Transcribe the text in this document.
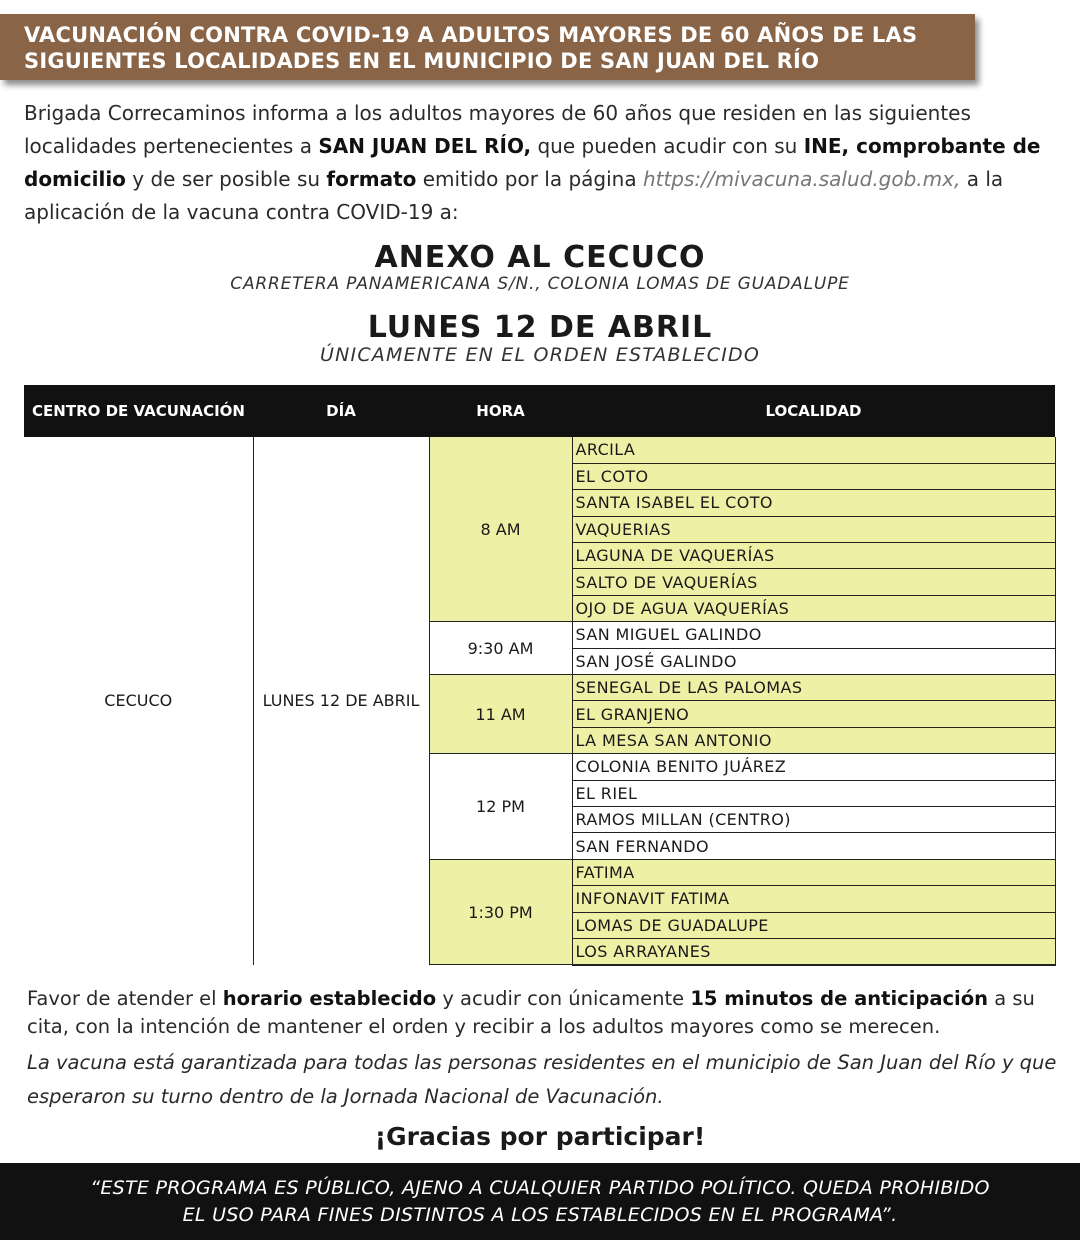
VACUNACIÓN CONTRA COVID-19 A ADULTOS MAYORES DE 60 AÑOS DE LAS
SIGUIENTES LOCALIDADES EN EL MUNICIPIO DE SAN JUAN DEL RÍO

Brigada Correcaminos informa a los adultos mayores de 60 años que residen en las siguientes localidades pertenecientes a SAN JUAN DEL RÍO, que pueden acudir con su INE, comprobante de domicilio y de ser posible su formato emitido por la página https://mivacuna.salud.gob.mx, a la aplicación de la vacuna contra COVID-19 a:

ANEXO AL CECUCO
CARRETERA PANAMERICANA S/N., COLONIA LOMAS DE GUADALUPE
LUNES 12 DE ABRIL
ÚNICAMENTE EN EL ORDEN ESTABLECIDO
CENTRO DE VACUNACIÓN	DÍA	HORA	LOCALIDAD
CECUCO	LUNES 12 DE ABRIL	8 AM	ARCILA
			EL COTO
			SANTA ISABEL EL COTO
			VAQUERIAS
			LAGUNA DE VAQUERÍAS
			SALTO DE VAQUERÍAS
			OJO DE AGUA VAQUERÍAS
		9:30 AM	SAN MIGUEL GALINDO
			SAN JOSÉ GALINDO
		11 AM	SENEGAL DE LAS PALOMAS
			EL GRANJENO
			LA MESA SAN ANTONIO
		12 PM	COLONIA BENITO JUÁREZ
			EL RIEL
			RAMOS MILLAN (CENTRO)
			SAN FERNANDO
		1:30 PM	FATIMA
			INFONAVIT FATIMA
			LOMAS DE GUADALUPE
			LOS ARRAYANES

Favor de atender el horario establecido y acudir con únicamente 15 minutos de anticipación a su cita, con la intención de mantener el orden y recibir a los adultos mayores como se merecen.

La vacuna está garantizada para todas las personas residentes en el municipio de San Juan del Río y que esperaron su turno dentro de la Jornada Nacional de Vacunación.

¡Gracias por participar!
“ESTE PROGRAMA ES PÚBLICO, AJENO A CUALQUIER PARTIDO POLÍTICO. QUEDA PROHIBIDO
EL USO PARA FINES DISTINTOS A LOS ESTABLECIDOS EN EL PROGRAMA”.
